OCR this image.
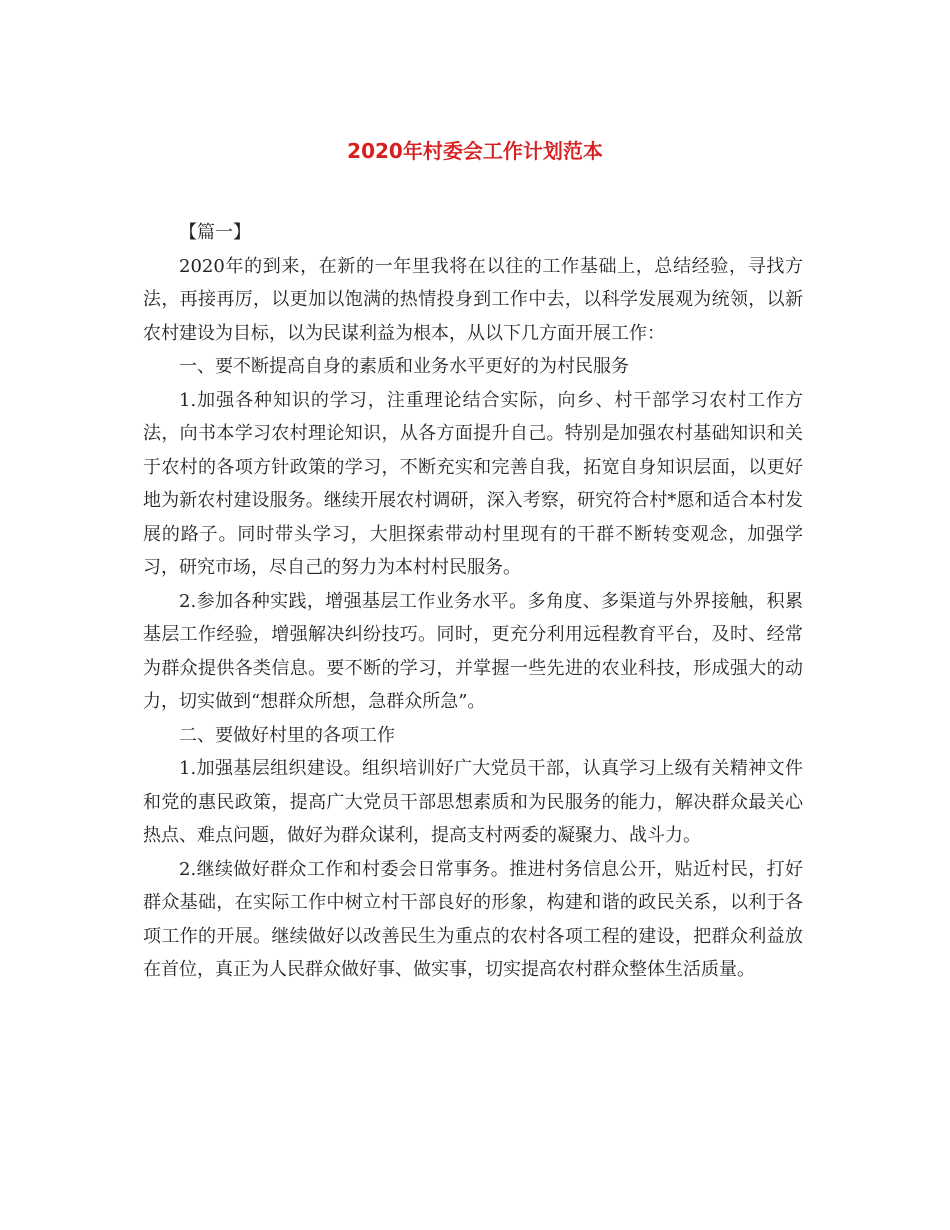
2020年村委会工作计划范本

【篇一】

2020年的到来，在新的一年里我将在以往的工作基础上，总结经验，寻找方法，再接再厉，以更加以饱满的热情投身到工作中去，以科学发展观为统领，以新农村建设为目标，以为民谋利益为根本，从以下几方面开展工作：

一、要不断提高自身的素质和业务水平更好的为村民服务

1.加强各种知识的学习，注重理论结合实际，向乡、村干部学习农村工作方法，向书本学习农村理论知识，从各方面提升自己。特别是加强农村基础知识和关于农村的各项方针政策的学习，不断充实和完善自我，拓宽自身知识层面，以更好地为新农村建设服务。继续开展农村调研，深入考察，研究符合村*愿和适合本村发展的路子。同时带头学习，大胆探索带动村里现有的干群不断转变观念，加强学习，研究市场，尽自己的努力为本村村民服务。

2.参加各种实践，增强基层工作业务水平。多角度、多渠道与外界接触，积累基层工作经验，增强解决纠纷技巧。同时，更充分利用远程教育平台，及时、经常为群众提供各类信息。要不断的学习，并掌握一些先进的农业科技，形成强大的动力，切实做到“想群众所想，急群众所急”。

二、要做好村里的各项工作

1.加强基层组织建设。组织培训好广大党员干部，认真学习上级有关精神文件和党的惠民政策，提高广大党员干部思想素质和为民服务的能力，解决群众最关心热点、难点问题，做好为群众谋利，提高支村两委的凝聚力、战斗力。

2.继续做好群众工作和村委会日常事务。推进村务信息公开，贴近村民，打好群众基础，在实际工作中树立村干部良好的形象，构建和谐的政民关系，以利于各项工作的开展。继续做好以改善民生为重点的农村各项工程的建设，把群众利益放在首位，真正为人民群众做好事、做实事，切实提高农村群众整体生活质量。
